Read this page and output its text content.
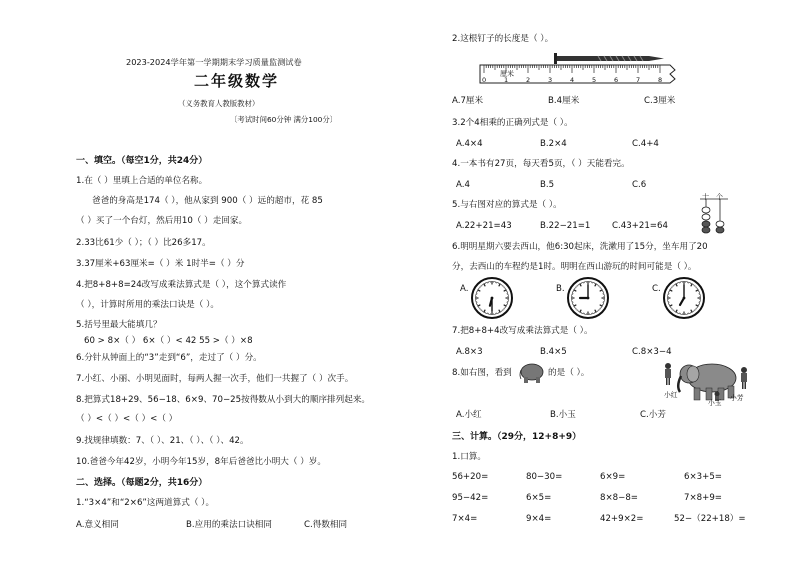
2023-2024学年第一学期期末学习质量监测试卷
二年级数学
（义务教育人教版教材）
〔考试时间60分钟 满分100分〕
一、填空。（每空1分，共24分）
1.在（ ）里填上合适的单位名称。
爸爸的身高是174（ ），他从家到 900（ ）远的超市，花 85
（ ）买了一个台灯，然后用10（ ）走回家。
2.33比61少（ ）；（ ）比26多17。
3.37厘米+63厘米=（ ）米 1时半=（ ）分
4.把8+8+8=24改写成乘法算式是（ ），这个算式读作
（ ），计算时所用的乘法口诀是（ ）。
5.括号里最大能填几？
60 > 8×（ ） 6×（ ）< 42 55 >（ ）×8
6.分针从钟面上的“3”走到“6”，走过了（ ）分。
7.小红、小丽、小明见面时，每两人握一次手，他们一共握了（ ）次手。
8.把算式18+29、56−18、6×9、70−25按得数从小到大的顺序排列起来。
（ ）<（ ）<（ ）<（ ）
9.找规律填数：7、（ ）、21、（ ）、（ ）、42。
10.爸爸今年42岁，小明今年15岁，8年后爸爸比小明大（ ）岁。
二、选择。（每题2分，共16分）
1.“3×4”和“2×6”这两道算式（ ）。
A.意义相同	B.应用的乘法口诀相同	C.得数相同
2.这根钉子的长度是（ ）。
厘米
0	1	2	3	4	5	6	7	8
A.7厘米	B.4厘米	C.3厘米
3.2个4相乘的正确列式是（ ）。
A.4×4	B.2×4	C.4+4
4.一本书有27页，每天看5页，（ ）天能看完。
A.4	B.5	C.6
5.与右图对应的算式是（ ）。
A.22+21=43	B.22−21=1	C.43+21=64
十 个
6.明明星期六要去西山，他6:30起床，洗漱用了15分，坐车用了20
分，去西山的车程约是1时。明明在西山游玩的时间可能是（ ）。
A.	B.	C.
7.把8+8+4改写成乘法算式是（ ）。
A.8×3	B.4×5	C.8×3−4
8.如右图，看到	的是（ ）。
小红
小玉
小芳
A.小红	B.小玉	C.小芳
三、计算。（29分，12+8+9）
1.口算。
56+20=	80−30=	6×9=	6×3+5=
95−42=	6×5=	8×8−8=	7×8+9=
7×4=	9×4=	42+9×2=	52−（22+18）=
